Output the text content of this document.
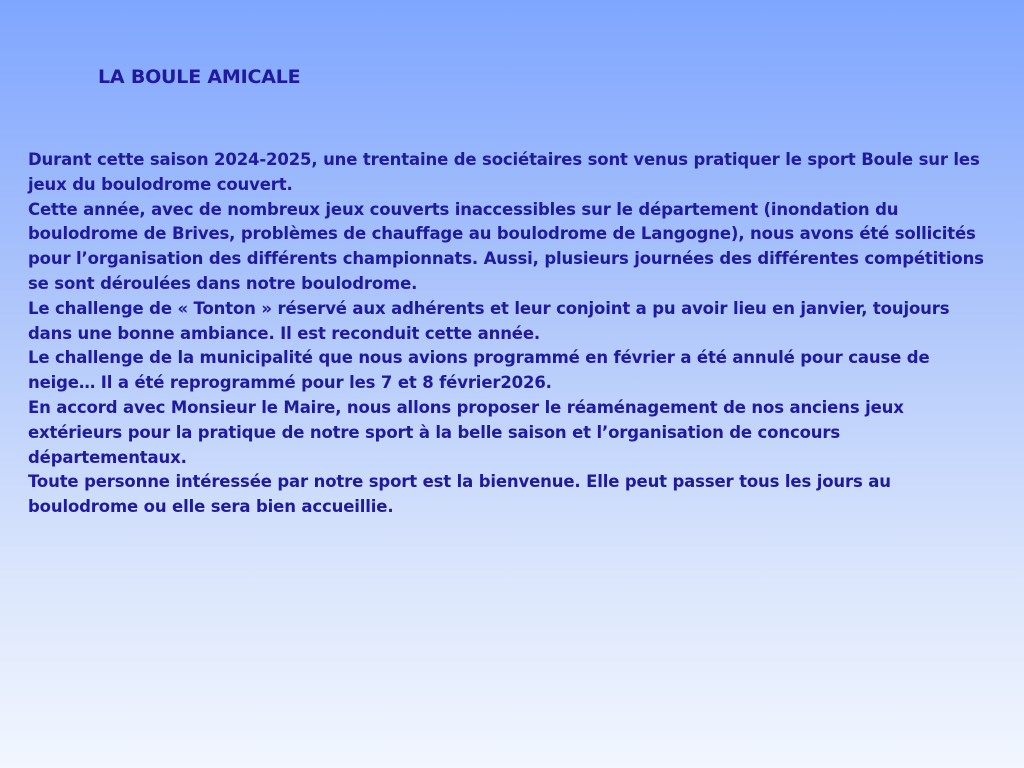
LA BOULE AMICALE

Durant cette saison 2024-2025, une trentaine de sociétaires sont venus pratiquer le sport Boule sur les jeux du boulodrome couvert.

Cette année, avec de nombreux jeux couverts inaccessibles sur le département (inondation du boulodrome de Brives, problèmes de chauffage au boulodrome de Langogne), nous avons été sollicités pour l’organisation des différents championnats. Aussi, plusieurs journées des différentes compétitions se sont déroulées dans notre boulodrome.

Le challenge de « Tonton » réservé aux adhérents et leur conjoint a pu avoir lieu en janvier, toujours dans une bonne ambiance. Il est reconduit cette année.

Le challenge de la municipalité que nous avions programmé en février a été annulé pour cause de neige… Il a été reprogrammé pour les 7 et 8 février2026.

En accord avec Monsieur le Maire, nous allons proposer le réaménagement de nos anciens jeux extérieurs pour la pratique de notre sport à la belle saison et l’organisation de concours départementaux.

Toute personne intéressée par notre sport est la bienvenue. Elle peut passer tous les jours au boulodrome ou elle sera bien accueillie.
